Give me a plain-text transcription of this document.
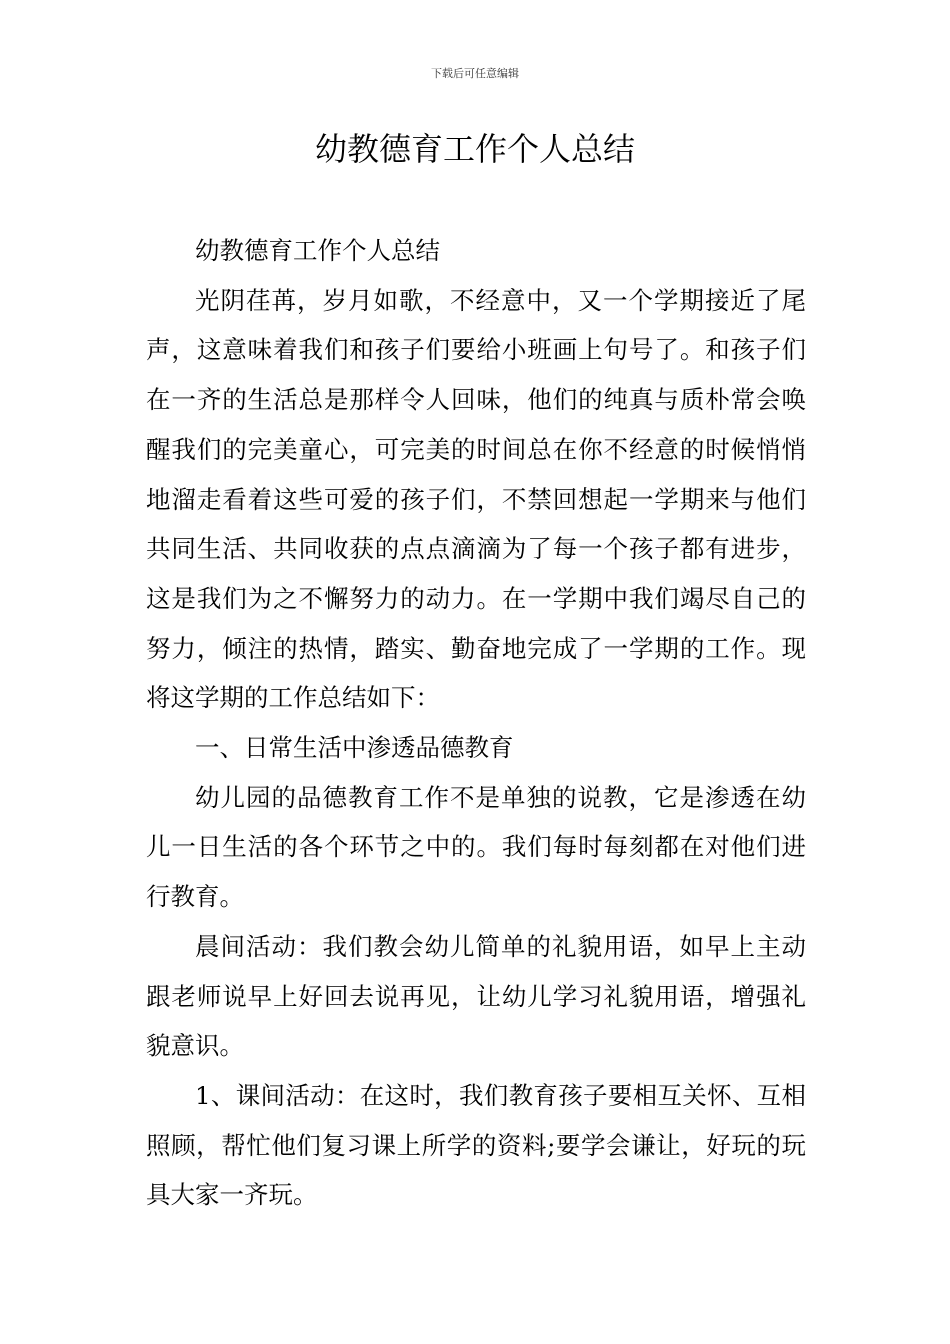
下载后可任意编辑
幼教德育工作个人总结

幼教德育工作个人总结

光阴荏苒，岁月如歌，不经意中，又一个学期接近了尾声，这意味着我们和孩子们要给小班画上句号了。和孩子们在一齐的生活总是那样令人回味，他们的纯真与质朴常会唤醒我们的完美童心，可完美的时间总在你不经意的时候悄悄地溜走看着这些可爱的孩子们，不禁回想起一学期来与他们共同生活、共同收获的点点滴滴为了每一个孩子都有进步，这是我们为之不懈努力的动力。在一学期中我们竭尽自己的努力，倾注的热情，踏实、勤奋地完成了一学期的工作。现将这学期的工作总结如下：

一、日常生活中渗透品德教育

幼儿园的品德教育工作不是单独的说教，它是渗透在幼儿一日生活的各个环节之中的。我们每时每刻都在对他们进行教育。

晨间活动：我们教会幼儿简单的礼貌用语，如早上主动跟老师说早上好回去说再见，让幼儿学习礼貌用语，增强礼貌意识。

1、课间活动：在这时，我们教育孩子要相互关怀、互相照顾，帮忙他们复习课上所学的资料;要学会谦让，好玩的玩具大家一齐玩。
